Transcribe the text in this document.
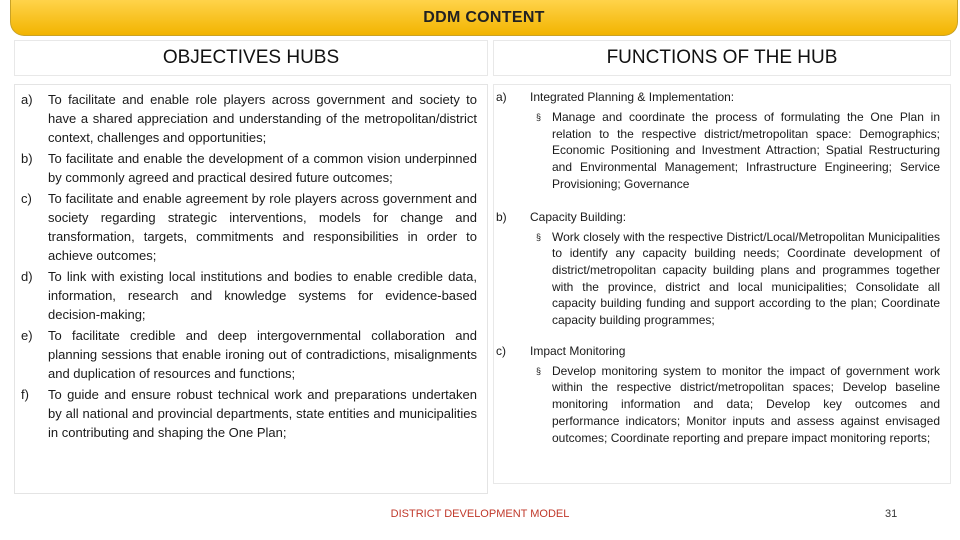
DDM CONTENT
OBJECTIVES HUBS	FUNCTIONS OF THE HUB
a)	To facilitate and enable role players across government and society to have a shared appreciation and understanding of the metropolitan/district context, challenges and opportunities;
b)	To facilitate and enable the development of a common vision underpinned by commonly agreed and practical desired future outcomes;
c)	To facilitate and enable agreement by role players across government and society regarding strategic interventions, models for change and transformation, targets, commitments and responsibilities in order to achieve outcomes;
d)	To link with existing local institutions and bodies to enable credible data, information, research and knowledge systems for evidence-based decision-making;
e)	To facilitate credible and deep intergovernmental collaboration and planning sessions that enable ironing out of contradictions, misalignments and duplication of resources and functions;
f)	To guide and ensure robust technical work and preparations undertaken by all national and provincial departments, state entities and municipalities in contributing and shaping the One Plan;
a)	Integrated Planning & Implementation:
§ Manage and coordinate the process of formulating the One Plan in relation to the respective district/metropolitan space: Demographics; Economic Positioning and Investment Attraction; Spatial Restructuring and Environmental Management; Infrastructure Engineering; Service Provisioning; Governance
b)	Capacity Building:
§ Work closely with the respective District/Local/Metropolitan Municipalities to identify any capacity building needs; Coordinate development of district/metropolitan capacity building plans and programmes together with the province, district and local municipalities; Consolidate all capacity building funding and support according to the plan; Coordinate capacity building programmes;
c)	Impact Monitoring
§ Develop monitoring system to monitor the impact of government work within the respective district/metropolitan spaces; Develop baseline monitoring information and data; Develop key outcomes and performance indicators; Monitor inputs and assess against envisaged outcomes; Coordinate reporting and prepare impact monitoring reports;
DISTRICT DEVELOPMENT MODEL	31
